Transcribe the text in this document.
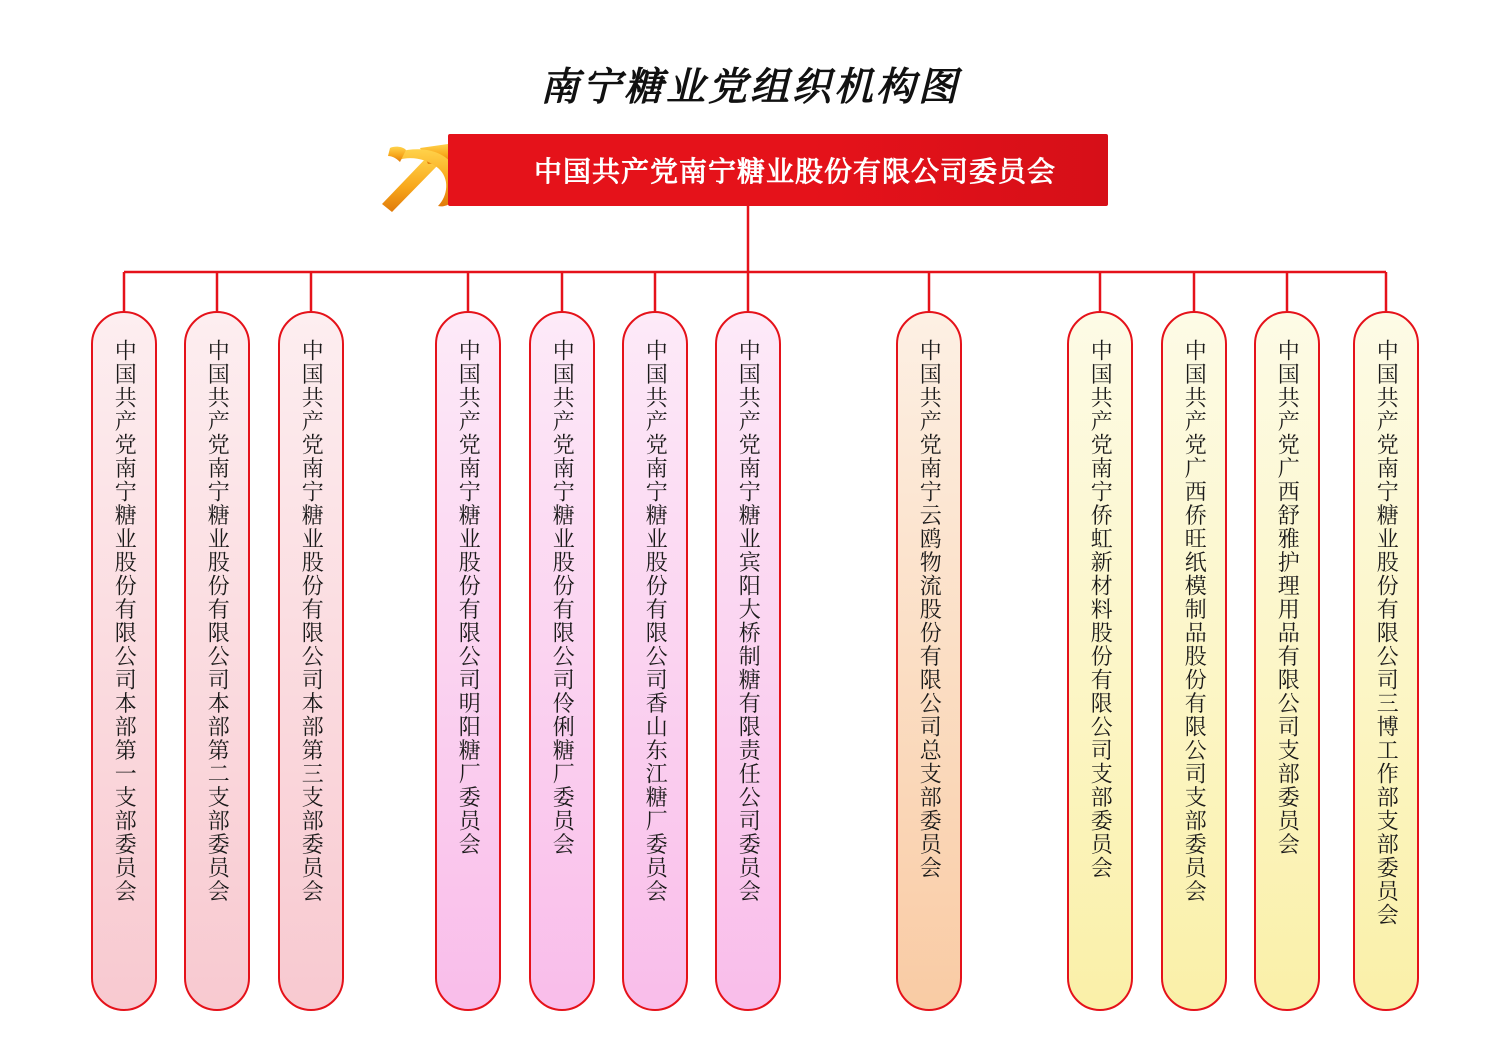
南宁糖业党组织机构图
中国共产党南宁糖业股份有限公司委员会
中国共产党南宁糖业股份有限公司本部第一支部委员会	中国共产党南宁糖业股份有限公司本部第二支部委员会	中国共产党南宁糖业股份有限公司本部第三支部委员会	中国共产党南宁糖业股份有限公司明阳糖厂委员会	中国共产党南宁糖业股份有限公司伶俐糖厂委员会	中国共产党南宁糖业股份有限公司香山东江糖厂委员会	中国共产党南宁糖业宾阳大桥制糖有限责任公司委员会	中国共产党南宁云鸥物流股份有限公司总支部委员会	中国共产党南宁侨虹新材料股份有限公司支部委员会	中国共产党广西侨旺纸模制品股份有限公司支部委员会	中国共产党广西舒雅护理用品有限公司支部委员会	中国共产党南宁糖业股份有限公司三博工作部支部委员会
